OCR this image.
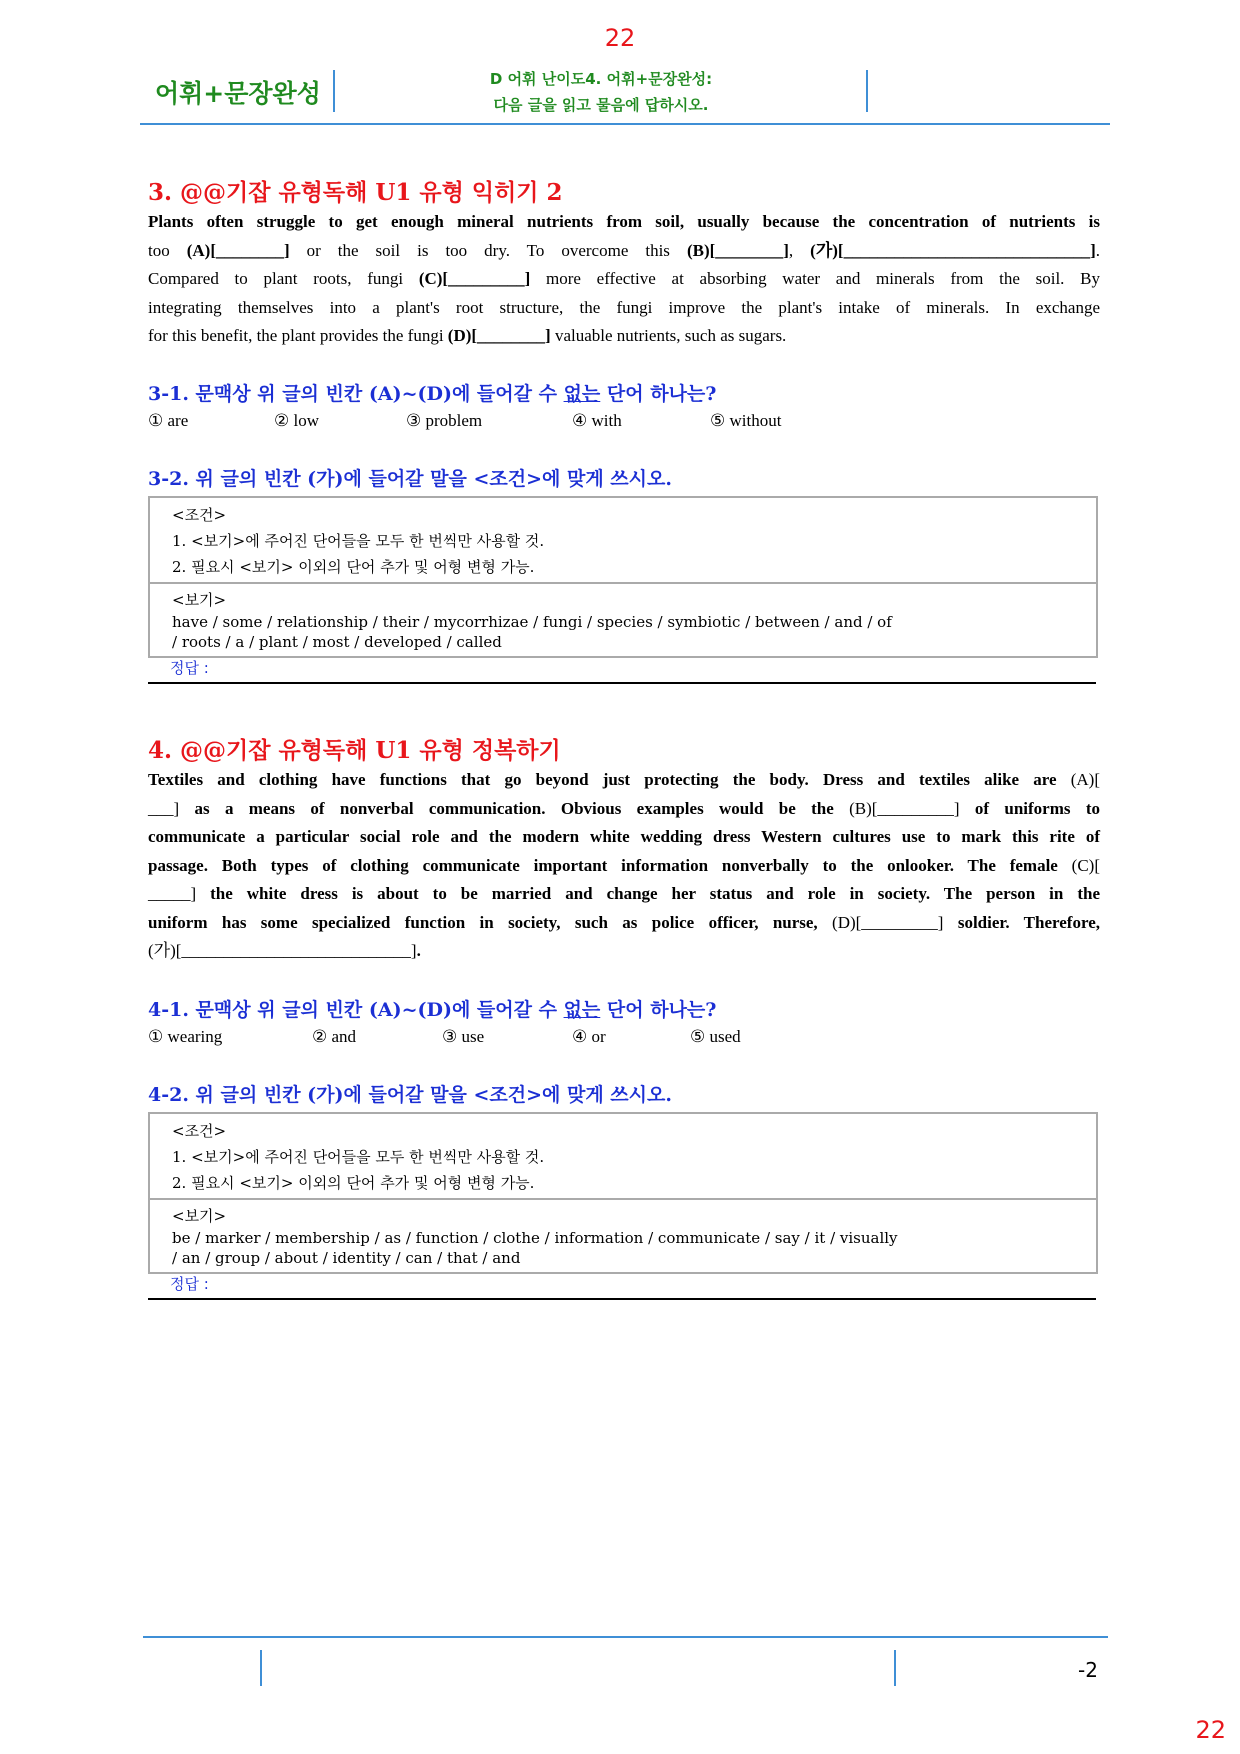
22
어휘+문장완성	D 어휘 난이도4. 어휘+문장완성:
다음 글을 읽고 물음에 답하시오.
3. @@기잡 유형독해 U1 유형 익히기 2
Plants often struggle to get enough mineral nutrients from soil, usually because the concentration of nutrients is
too (A)[________] or the soil is too dry. To overcome this (B)[________], (가)[_____________________________].
Compared to plant roots, fungi (C)[_________] more effective at absorbing water and minerals from the soil. By
integrating themselves into a plant's root structure, the fungi improve the plant's intake of minerals. In exchange
for this benefit, the plant provides the fungi (D)[________] valuable nutrients, such as sugars.
3-1. 문맥상 위 글의 빈칸 (A)~(D)에 들어갈 수 없는 단어 하나는?
① are	② low	③ problem	④ with	⑤ without
3-2. 위 글의 빈칸 (가)에 들어갈 말을 <조건>에 맞게 쓰시오.
<조건>
1. <보기>에 주어진 단어들을 모두 한 번씩만 사용할 것.
2. 필요시 <보기> 이외의 단어 추가 및 어형 변형 가능.
<보기>
have / some / relationship / their / mycorrhizae / fungi / species / symbiotic / between / and / of
/ roots / a / plant / most / developed / called
정답 :
4. @@기잡 유형독해 U1 유형 정복하기
Textiles and clothing have functions that go beyond just protecting the body. Dress and textiles alike are (A)[
___] as a means of nonverbal communication. Obvious examples would be the (B)[_________] of uniforms to
communicate a particular social role and the modern white wedding dress Western cultures use to mark this rite of
passage. Both types of clothing communicate important information nonverbally to the onlooker. The female (C)[
_____] the white dress is about to be married and change her status and role in society. The person in the
uniform has some specialized function in society, such as police officer, nurse, (D)[_________] soldier. Therefore,
(가)[___________________________].
4-1. 문맥상 위 글의 빈칸 (A)~(D)에 들어갈 수 없는 단어 하나는?
① wearing	② and	③ use	④ or	⑤ used
4-2. 위 글의 빈칸 (가)에 들어갈 말을 <조건>에 맞게 쓰시오.
<조건>
1. <보기>에 주어진 단어들을 모두 한 번씩만 사용할 것.
2. 필요시 <보기> 이외의 단어 추가 및 어형 변형 가능.
<보기>
be / marker / membership / as / function / clothe / information / communicate / say / it / visually
/ an / group / about / identity / can / that / and
정답 :
-2
22
